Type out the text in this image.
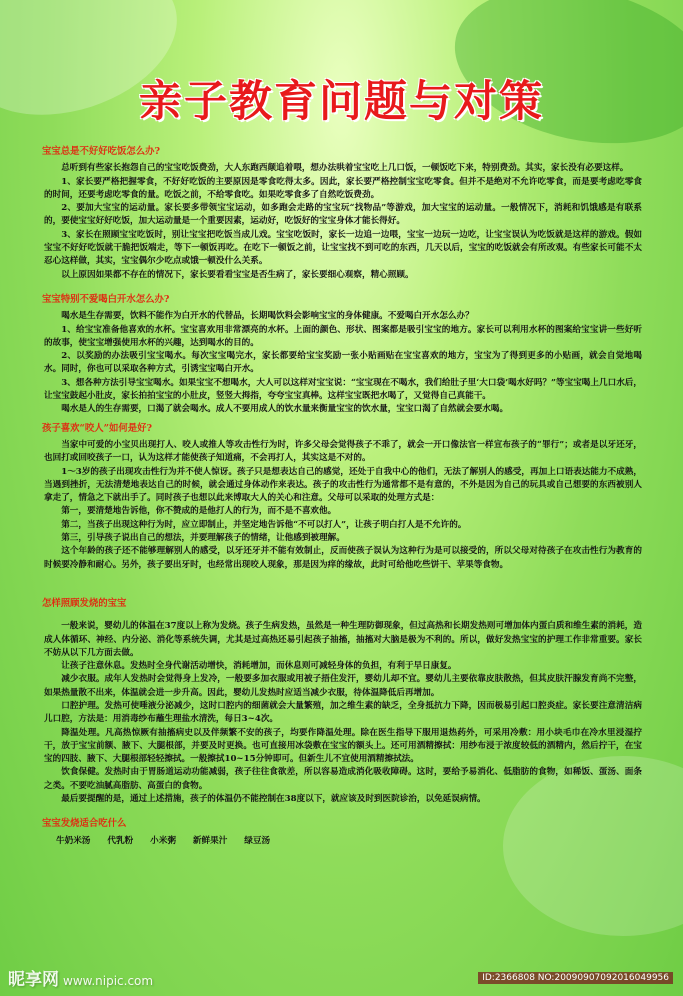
亲子教育问题与对策
宝宝总是不好好吃饭怎么办?

总听到有些家长抱怨自己的宝宝吃饭费劲，大人东跑西颠追着喂，想办法哄着宝宝吃上几口饭，一顿饭吃下来，特别费劲。其实，家长没有必要这样。

1、家长要严格把握零食，不好好吃饭的主要原因是零食吃得太多。因此，家长要严格控制宝宝吃零食。但并不是绝对不允许吃零食，而是要考虑吃零食的时间，还要考虑吃零食的量。吃饭之前，不给零食吃。如果吃零食多了自然吃饭费劲。

2、要加大宝宝的运动量。家长要多带领宝宝运动，如多跑会走路的宝宝玩“找物品”等游戏，加大宝宝的运动量。一般情况下，消耗和饥饿感是有联系的，要使宝宝好好吃饭，加大运动量是一个重要因素，运动好，吃饭好的宝宝身体才能长得好。

3、家长在照顾宝宝吃饭时，别让宝宝把吃饭当成儿戏。宝宝吃饭时，家长一边追一边喂，宝宝一边玩一边吃，让宝宝误认为吃饭就是这样的游戏。假如宝宝不好好吃饭就干脆把饭端走，等下一顿饭再吃。在吃下一顿饭之前，让宝宝找不到可吃的东西，几天以后，宝宝的吃饭就会有所改观。有些家长可能不太忍心这样做，其实，宝宝偶尔少吃点或饿一顿没什么关系。

以上原因如果都不存在的情况下，家长要看看宝宝是否生病了，家长要细心观察，精心照顾。

宝宝特别不爱喝白开水怎么办?

喝水是生存需要，饮料不能作为白开水的代替品，长期喝饮料会影响宝宝的身体健康。不爱喝白开水怎么办？

1、给宝宝准备他喜欢的水杯。宝宝喜欢用非常漂亮的水杯。上面的颜色、形状、图案都是吸引宝宝的地方。家长可以利用水杯的图案给宝宝讲一些好听的故事，使宝宝增强使用水杯的兴趣，达到喝水的目的。

2、以奖励的办法吸引宝宝喝水。每次宝宝喝完水，家长都要给宝宝奖励一张小贴画贴在宝宝喜欢的地方，宝宝为了得到更多的小贴画，就会自觉地喝水。同时，你也可以采取各种方式，引诱宝宝喝白开水。

3、想各种方法引导宝宝喝水。如果宝宝不想喝水，大人可以这样对宝宝说：“宝宝现在不喝水，我们给肚子里‘大口袋’喝水好吗？”等宝宝喝上几口水后，让宝宝鼓起小肚皮，家长拍拍宝宝的小肚皮，竖竖大拇指，夸夸宝宝真棒。这样宝宝既把水喝了，又觉得自己真能干。

喝水是人的生存需要，口渴了就会喝水。成人不要用成人的饮水量来衡量宝宝的饮水量，宝宝口渴了自然就会要水喝。

孩子喜欢“咬人”如何是好?

当家中可爱的小宝贝出现打人、咬人或推人等攻击性行为时，许多父母会觉得孩子不乖了，就会一开口像法官一样宣布孩子的“罪行”；或者是以牙还牙，也回打或回咬孩子一口，认为这样才能使孩子知道痛，不会再打人，其实这是不对的。

1～3岁的孩子出现攻击性行为并不使人惊讶。孩子只是想表达自己的感觉，还处于自我中心的他们，无法了解别人的感受，再加上口语表达能力不成熟，当遇到挫折，无法清楚地表达自己的时候，就会通过身体动作来表达。孩子的攻击性行为通常都不是有意的，不外是因为自己的玩具或自己想要的东西被别人拿走了，情急之下就出手了。同时孩子也想以此来博取大人的关心和注意。父母可以采取的处理方式是：

第一，要清楚地告诉他，你不赞成的是他打人的行为，而不是不喜欢他。

第二，当孩子出现这种行为时，应立即制止，并坚定地告诉他“不可以打人”，让孩子明白打人是不允许的。

第三，引导孩子说出自己的想法，并要理解孩子的情绪，让他感到被理解。

这个年龄的孩子还不能够理解别人的感受，以牙还牙并不能有效制止，反而使孩子误认为这种行为是可以接受的，所以父母对待孩子在攻击性行为教育的时候要冷静和耐心。另外，孩子要出牙时，也经常出现咬人现象，那是因为痒的缘故，此时可给他吃些饼干、苹果等食物。

怎样照顾发烧的宝宝

一般来说，婴幼儿的体温在37度以上称为发烧。孩子生病发热，虽然是一种生理防御现象，但过高热和长期发热则可增加体内蛋白质和维生素的消耗，造成人体循环、神经、内分泌、消化等系统失调，尤其是过高热还易引起孩子抽搐，抽搐对大脑是极为不利的。所以，做好发热宝宝的护理工作非常重要。家长不妨从以下几方面去做。

让孩子注意休息。发热时全身代谢活动增快，消耗增加，而休息则可减轻身体的负担，有利于早日康复。

减少衣服。成年人发热时会觉得身上发冷，一般要多加衣服或用被子捂住发汗，婴幼儿却不宜。婴幼儿主要依靠皮肤散热，但其皮肤汗腺发育尚不完整，如果热量散不出来，体温就会进一步升高。因此，婴幼儿发热时应适当减少衣服，待体温降低后再增加。

口腔护理。发热可使唾液分泌减少，这时口腔内的细菌就会大量繁殖，加之维生素的缺乏，全身抵抗力下降，因而极易引起口腔炎症。家长要注意清洁病儿口腔，方法是：用消毒纱布蘸生理盐水清洗，每日3~4次。

降温处理。凡高热惊厥有抽搐病史以及伴频繁不安的孩子，均要作降温处理。除在医生指导下服用退热药外，可采用冷敷：用小块毛巾在冷水里浸湿拧干，放于宝宝前额、腋下、大腿根部，并要及时更换。也可直接用冰袋敷在宝宝的额头上。还可用酒精擦拭：用纱布浸于浓度较低的酒精内，然后拧干，在宝宝的四肢、腋下、大腿根部轻轻擦拭。一般擦拭10~15分钟即可。但新生儿不宜使用酒精擦拭法。

饮食保健。发热时由于胃肠道运动功能减弱，孩子往往食欲差，所以容易造成消化吸收障碍。这时，要给予易消化、低脂肪的食物，如稀饭、蛋汤、面条之类。不要吃油腻高脂肪、高蛋白的食物。

最后要提醒的是，通过上述措施，孩子的体温仍不能控制在38度以下，就应该及时到医院诊治，以免延误病情。

宝宝发烧适合吃什么
牛奶米汤 代乳粉 小米粥 新鲜果汁 绿豆汤
昵享网 www.nipic.com	ID:2366808 NO:20090907092016049956
